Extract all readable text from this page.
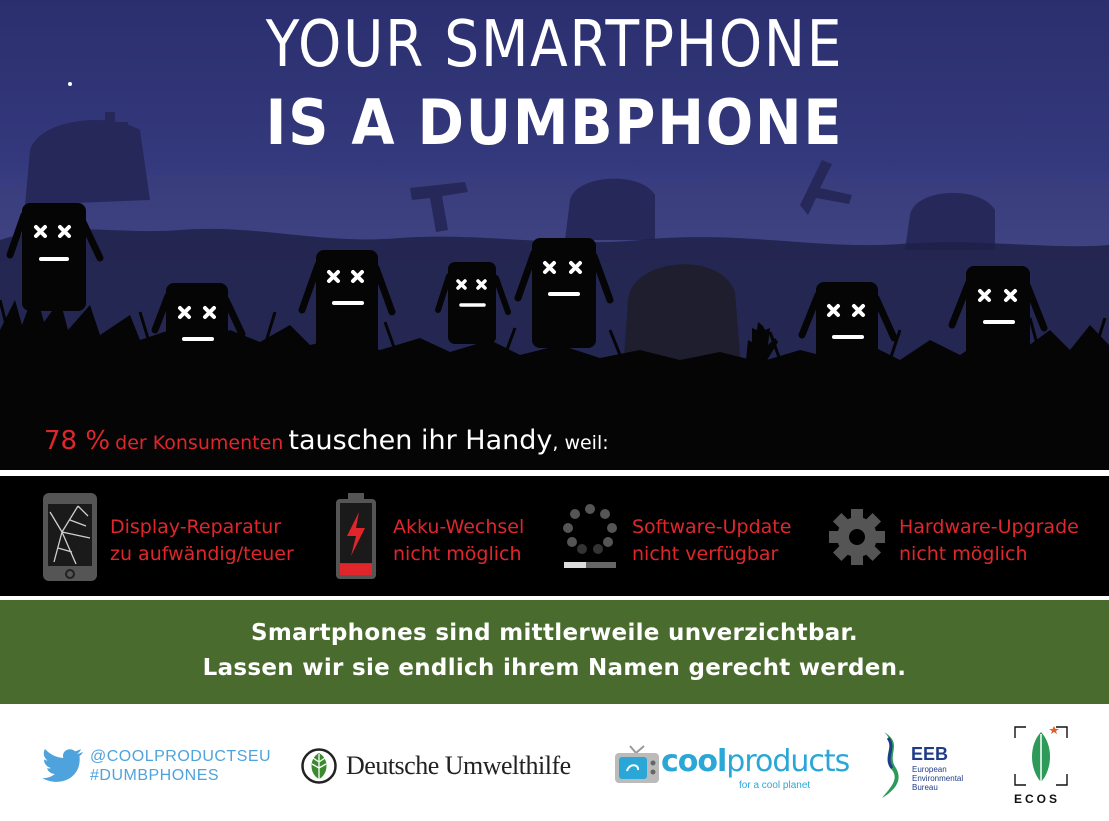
YOUR SMARTPHONE
IS A DUMBPHONE
78 % der Konsumenten tauschen ihr Handy, weil:
Display-Reparatur
zu aufwändig/teuer
Akku-Wechsel
nicht möglich
Software-Update
nicht verfügbar
Hardware-Upgrade
nicht möglich
Smartphones sind mittlerweile unverzichtbar.
Lassen wir sie endlich ihrem Namen gerecht werden.
@COOLPRODUCTSEU
#DUMBPHONES	Deutsche Umwelthilfe	coolproducts
for a cool planet
EEB
European
Environmental
Bureau
ECOS
